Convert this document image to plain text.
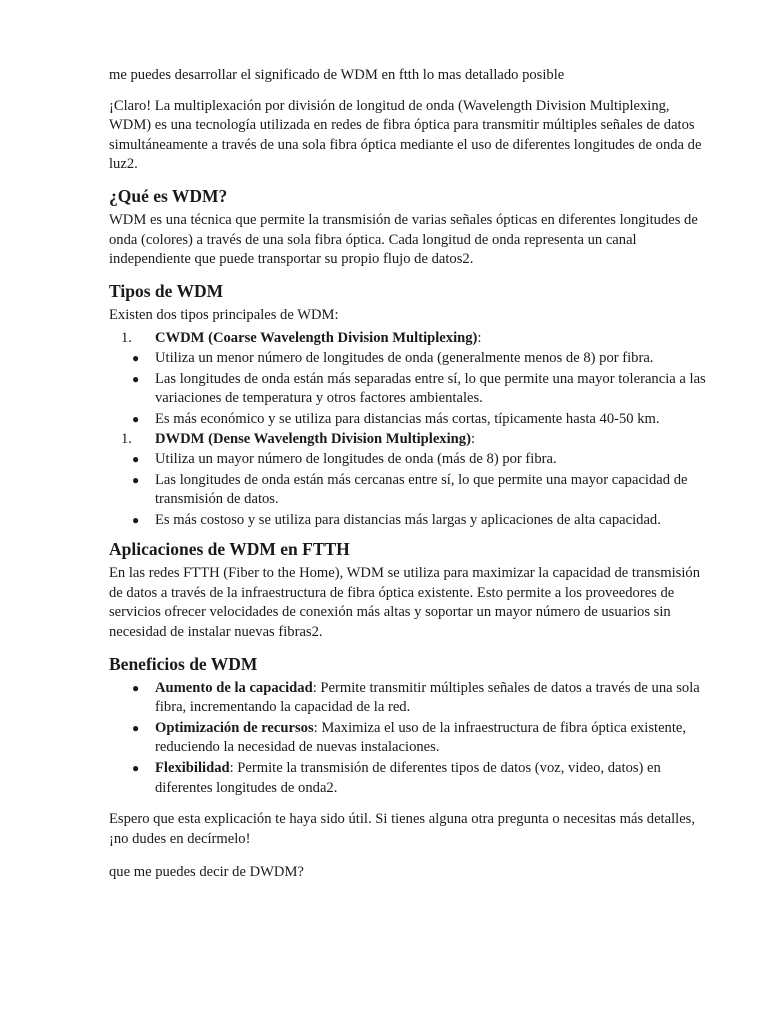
me puedes desarrollar el significado de WDM en ftth lo mas detallado posible

¡Claro! La multiplexación por división de longitud de onda (Wavelength Division Multiplexing, WDM) es una tecnología utilizada en redes de fibra óptica para transmitir múltiples señales de datos simultáneamente a través de una sola fibra óptica mediante el uso de diferentes longitudes de onda de luz2.

¿Qué es WDM?

WDM es una técnica que permite la transmisión de varias señales ópticas en diferentes longitudes de onda (colores) a través de una sola fibra óptica. Cada longitud de onda representa un canal independiente que puede transportar su propio flujo de datos2.

Tipos de WDM

Existen dos tipos principales de WDM:

1. CWDM (Coarse Wavelength Division Multiplexing):
● Utiliza un menor número de longitudes de onda (generalmente menos de 8) por fibra.
● Las longitudes de onda están más separadas entre sí, lo que permite una mayor tolerancia a las variaciones de temperatura y otros factores ambientales.
● Es más económico y se utiliza para distancias más cortas, típicamente hasta 40-50 km.
1. DWDM (Dense Wavelength Division Multiplexing):
● Utiliza un mayor número de longitudes de onda (más de 8) por fibra.
● Las longitudes de onda están más cercanas entre sí, lo que permite una mayor capacidad de transmisión de datos.
● Es más costoso y se utiliza para distancias más largas y aplicaciones de alta capacidad.
Aplicaciones de WDM en FTTH

En las redes FTTH (Fiber to the Home), WDM se utiliza para maximizar la capacidad de transmisión de datos a través de la infraestructura de fibra óptica existente. Esto permite a los proveedores de servicios ofrecer velocidades de conexión más altas y soportar un mayor número de usuarios sin necesidad de instalar nuevas fibras2.

Beneficios de WDM
● Aumento de la capacidad: Permite transmitir múltiples señales de datos a través de una sola fibra, incrementando la capacidad de la red.
● Optimización de recursos: Maximiza el uso de la infraestructura de fibra óptica existente, reduciendo la necesidad de nuevas instalaciones.
● Flexibilidad: Permite la transmisión de diferentes tipos de datos (voz, video, datos) en diferentes longitudes de onda2.

Espero que esta explicación te haya sido útil. Si tienes alguna otra pregunta o necesitas más detalles, ¡no dudes en decírmelo!

que me puedes decir de DWDM?
